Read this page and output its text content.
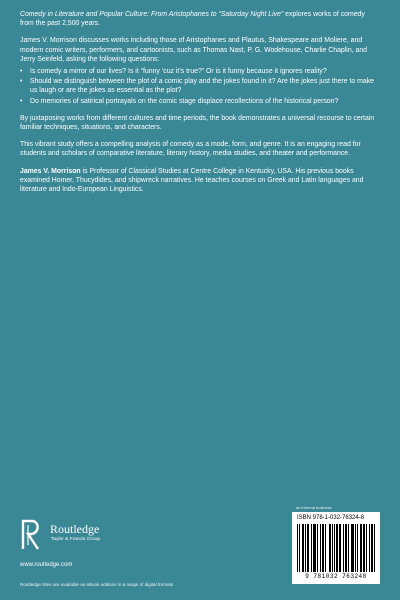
Comedy in Literature and Popular Culture: From Aristophanes to “Saturday Night Live” explores works of comedy from the past 2,500 years.

James V. Morrison discusses works including those of Aristophanes and Plautus, Shakespeare and Moliere, and modern comic writers, performers, and cartoonists, such as Thomas Nast, P. G. Wodehouse, Charlie Chaplin, and Jerry Seinfeld, asking the following questions:

• Is comedy a mirror of our lives? Is it “funny ’cuz it’s true?” Or is it funny because it ignores reality?
• Should we distinguish between the plot of a comic play and the jokes found in it? Are the jokes just there to make us laugh or are the jokes as essential as the plot?
• Do memories of satirical portrayals on the comic stage displace recollections of the historical person?

By juxtaposing works from different cultures and time periods, the book demonstrates a universal recourse to certain familiar techniques, situations, and characters.

This vibrant study offers a compelling analysis of comedy as a mode, form, and genre. It is an engaging read for students and scholars of comparative literature, literary history, media studies, and theater and performance.

James V. Morrison is Professor of Classical Studies at Centre College in Kentucky, USA. His previous books examined Homer, Thucydides, and shipwreck narratives. He teaches courses on Greek and Latin languages and literature and Indo-European Linguistics.

Routledge
Taylor & Francis Group
www.routledge.com
Routledge titles are available as eBook editions in a range of digital formats
an informa business
ISBN 978-1-032-76324-8
9 781032 763248
